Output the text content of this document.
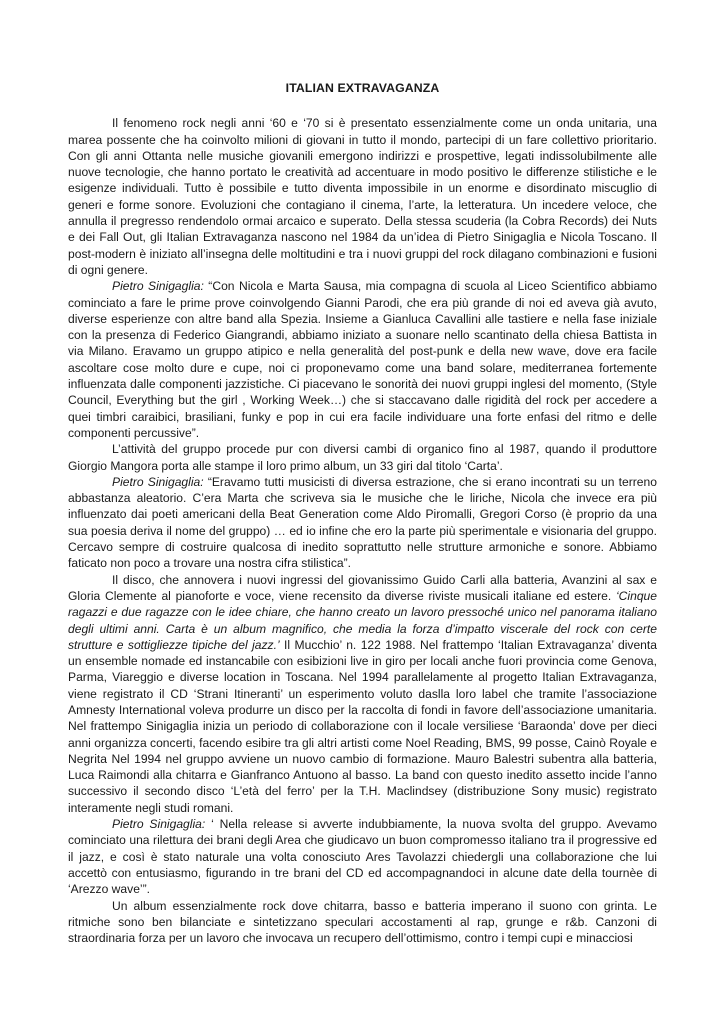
ITALIAN EXTRAVAGANZA

Il fenomeno rock negli anni ‘60 e ‘70 si è presentato essenzialmente come un onda unitaria, una marea possente che ha coinvolto milioni di giovani in tutto il mondo, partecipi di un fare collettivo prioritario. Con gli anni Ottanta nelle musiche giovanili emergono indirizzi e prospettive, legati indissolubilmente alle nuove tecnologie, che hanno portato le creatività ad accentuare in modo positivo le differenze stilistiche e le esigenze individuali. Tutto è possibile e tutto diventa impossibile in un enorme e disordinato miscuglio di generi e forme sonore. Evoluzioni che contagiano il cinema, l’arte, la letteratura. Un incedere veloce, che annulla il pregresso rendendolo ormai arcaico e superato. Della stessa scuderia (la Cobra Records) dei Nuts e dei Fall Out, gli Italian Extravaganza nascono nel 1984 da un’idea di Pietro Sinigaglia e Nicola Toscano. Il post-modern è iniziato all’insegna delle moltitudini e tra i nuovi gruppi del rock dilagano combinazioni e fusioni di ogni genere.

Pietro Sinigaglia: “Con Nicola e Marta Sausa, mia compagna di scuola al Liceo Scientifico abbiamo cominciato a fare le prime prove coinvolgendo Gianni Parodi, che era più grande di noi ed aveva già avuto, diverse esperienze con altre band alla Spezia. Insieme a Gianluca Cavallini alle tastiere e nella fase iniziale con la presenza di Federico Giangrandi, abbiamo iniziato a suonare nello scantinato della chiesa Battista in via Milano. Eravamo un gruppo atipico e nella generalità del post-punk e della new wave, dove era facile ascoltare cose molto dure e cupe, noi ci proponevamo come una band solare, mediterranea fortemente influenzata dalle componenti jazzistiche. Ci piacevano le sonorità dei nuovi gruppi inglesi del momento, (Style Council, Everything but the girl , Working Week…) che si staccavano dalle rigidità del rock per accedere a quei timbri caraibici, brasiliani, funky e pop in cui era facile individuare una forte enfasi del ritmo e delle componenti percussive”.

L’attività del gruppo procede pur con diversi cambi di organico fino al 1987, quando il produttore Giorgio Mangora porta alle stampe il loro primo album, un 33 giri dal titolo ‘Carta’.

Pietro Sinigaglia: “Eravamo tutti musicisti di diversa estrazione, che si erano incontrati su un terreno abbastanza aleatorio. C’era Marta che scriveva sia le musiche che le liriche, Nicola che invece era più influenzato dai poeti americani della Beat Generation come Aldo Piromalli, Gregori Corso (è proprio da una sua poesia deriva il nome del gruppo) … ed io infine che ero la parte più sperimentale e visionaria del gruppo. Cercavo sempre di costruire qualcosa di inedito soprattutto nelle strutture armoniche e sonore. Abbiamo faticato non poco a trovare una nostra cifra stilistica”.

Il disco, che annovera i nuovi ingressi del giovanissimo Guido Carli alla batteria, Avanzini al sax e Gloria Clemente al pianoforte e voce, viene recensito da diverse riviste musicali italiane ed estere. ‘Cinque ragazzi e due ragazze con le idee chiare, che hanno creato un lavoro pressoché unico nel panorama italiano degli ultimi anni. Carta è un album magnifico, che media la forza d’impatto viscerale del rock con certe strutture e sottigliezze tipiche del jazz.’ Il Mucchio’ n. 122 1988. Nel frattempo ‘Italian Extravaganza’ diventa un ensemble nomade ed instancabile con esibizioni live in giro per locali anche fuori provincia come Genova, Parma, Viareggio e diverse location in Toscana. Nel 1994 parallelamente al progetto Italian Extravaganza, viene registrato il CD ‘Strani Itineranti’ un esperimento voluto daslla loro label che tramite l’associazione Amnesty International voleva produrre un disco per la raccolta di fondi in favore dell’associazione umanitaria. Nel frattempo Sinigaglia inizia un periodo di collaborazione con il locale versiliese ‘Baraonda’ dove per dieci anni organizza concerti, facendo esibire tra gli altri artisti come Noel Reading, BMS, 99 posse, Cainò Royale e Negrita Nel 1994 nel gruppo avviene un nuovo cambio di formazione. Mauro Balestri subentra alla batteria, Luca Raimondi alla chitarra e Gianfranco Antuono al basso. La band con questo inedito assetto incide l’anno successivo il secondo disco ‘L’età del ferro’ per la T.H. Maclindsey (distribuzione Sony music) registrato interamente negli studi romani.

Pietro Sinigaglia: ‘ Nella release si avverte indubbiamente, la nuova svolta del gruppo. Avevamo cominciato una rilettura dei brani degli Area che giudicavo un buon compromesso italiano tra il progressive ed il jazz, e così è stato naturale una volta conosciuto Ares Tavolazzi chiedergli una collaborazione che lui accettò con entusiasmo, figurando in tre brani del CD ed accompagnandoci in alcune date della tournèe di ‘Arezzo wave’”.

Un album essenzialmente rock dove chitarra, basso e batteria imperano il suono con grinta. Le ritmiche sono ben bilanciate e sintetizzano speculari accostamenti al rap, grunge e r&b. Canzoni di straordinaria forza per un lavoro che invocava un recupero dell’ottimismo, contro i tempi cupi e minacciosi
